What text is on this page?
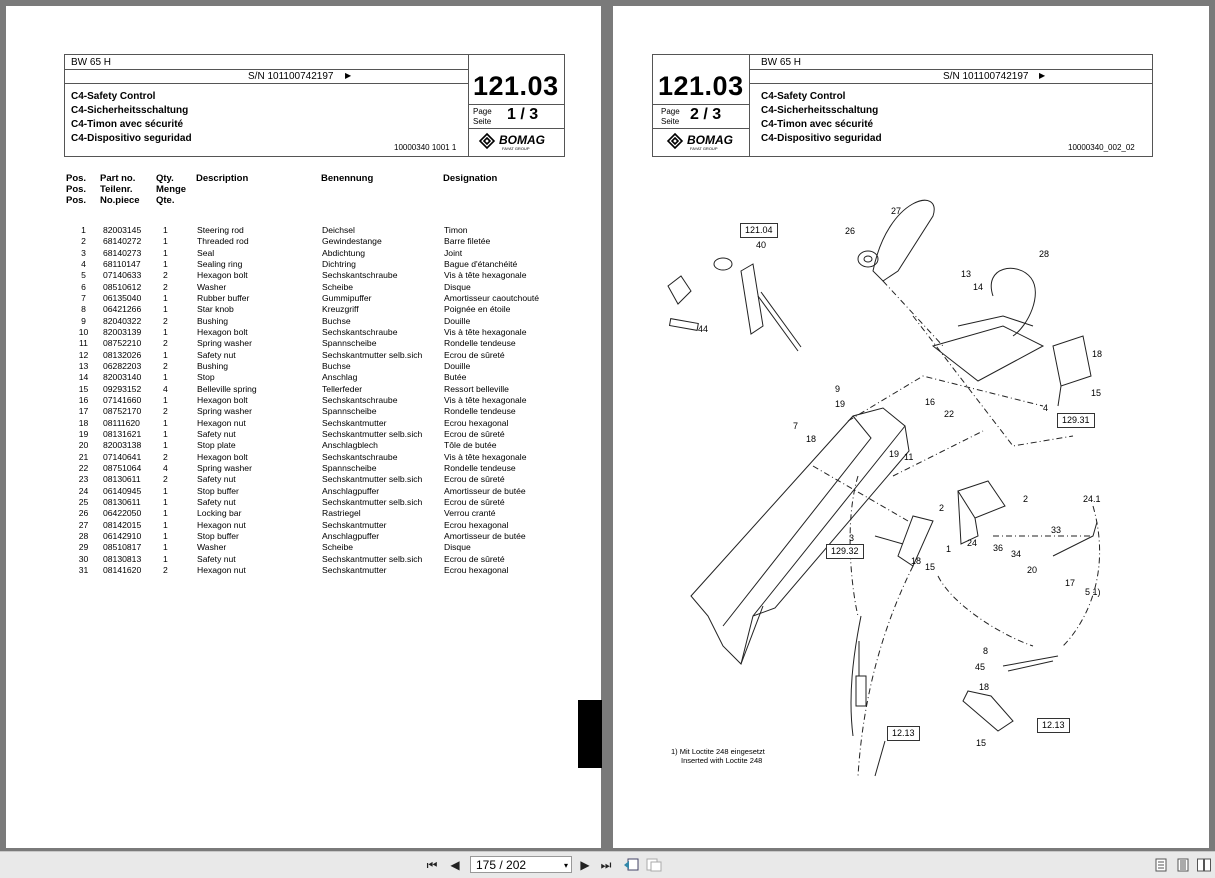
BW 65 H
S/N 101100742197 ▶
C4-Safety Control
C4-Sicherheitsschaltung
C4-Timon avec sécurité
C4-Dispositivo seguridad
10000340 1001 1
121.03
Page
Seite 1 / 3
BOMAG
FAYAT GROUP
Pos.
Pos.
Pos.
Part no.
Teilenr.
No.piece
Qty.
Menge
Qte.
Description	Benennung	Designation
1	82003145	1	Steering rod	Deichsel	Timon
2	68140272	1	Threaded rod	Gewindestange	Barre filetée
3	68140273	1	Seal	Abdichtung	Joint
4	68110147	1	Sealing ring	Dichtring	Bague d'étanchéité
5	07140633	2	Hexagon bolt	Sechskantschraube	Vis à tête hexagonale
6	08510612	2	Washer	Scheibe	Disque
7	06135040	1	Rubber buffer	Gummipuffer	Amortisseur caoutchouté
8	06421266	1	Star knob	Kreuzgriff	Poignée en étoile
9	82040322	2	Bushing	Buchse	Douille
10	82003139	1	Hexagon bolt	Sechskantschraube	Vis à tête hexagonale
11	08752210	2	Spring washer	Spannscheibe	Rondelle tendeuse
12	08132026	1	Safety nut	Sechskantmutter selb.sich	Ecrou de sûreté
13	06282203	2	Bushing	Buchse	Douille
14	82003140	1	Stop	Anschlag	Butée
15	09293152	4	Belleville spring	Tellerfeder	Ressort belleville
16	07141660	1	Hexagon bolt	Sechskantschraube	Vis à tête hexagonale
17	08752170	2	Spring washer	Spannscheibe	Rondelle tendeuse
18	08111620	1	Hexagon nut	Sechskantmutter	Ecrou hexagonal
19	08131621	1	Safety nut	Sechskantmutter selb.sich	Ecrou de sûreté
20	82003138	1	Stop plate	Anschlagblech	Tôle de butée
21	07140641	2	Hexagon bolt	Sechskantschraube	Vis à tête hexagonale
22	08751064	4	Spring washer	Spannscheibe	Rondelle tendeuse
23	08130611	2	Safety nut	Sechskantmutter selb.sich	Ecrou de sûreté
24	06140945	1	Stop buffer	Anschlagpuffer	Amortisseur de butée
25	08130611	1	Safety nut	Sechskantmutter selb.sich	Ecrou de sûreté
26	06422050	1	Locking bar	Rastriegel	Verrou cranté
27	08142015	1	Hexagon nut	Sechskantmutter	Ecrou hexagonal
28	06142910	1	Stop buffer	Anschlagpuffer	Amortisseur de butée
29	08510817	1	Washer	Scheibe	Disque
30	08130813	1	Safety nut	Sechskantmutter selb.sich	Ecrou de sûreté
31	08141620	2	Hexagon nut	Sechskantmutter	Ecrou hexagonal
121.03
Page
Seite 2 / 3
BOMAG
FAYAT GROUP
BW 65 H
S/N 101100742197 ▶
C4-Safety Control
C4-Sicherheitsschaltung
C4-Timon avec sécurité
C4-Dispositivo seguridad
10000340_002_02
121.04
129.31
129.32
12.13
12.13
27
26
40
28
13
14
44
18
15
9
19	16
22
4
7
18
19 11
3
2
2
1
24 36
34
33
20
17
24.1
5 1)
18
15
8
45
18
15
1) Mit Loctite 248 eingesetzt
Inserted with Loctite 248
⏮ ◀	175 / 202	▾ ▶ ⏭
